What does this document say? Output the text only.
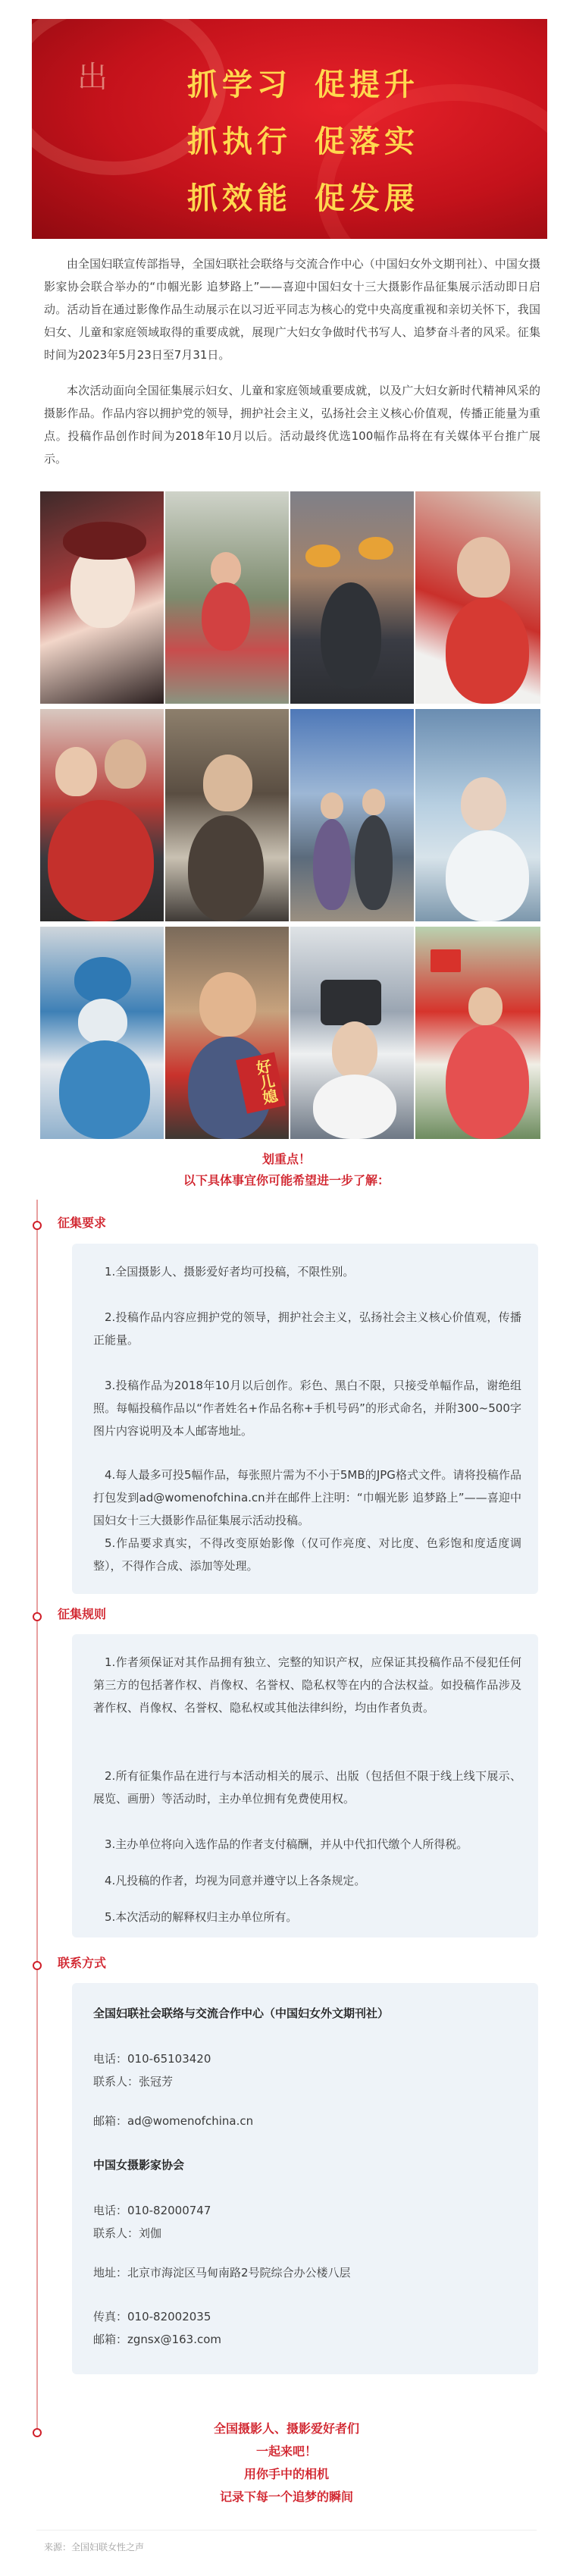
出	抓学习 促提升
抓执行 促落实
抓效能 促发展

由全国妇联宣传部指导，全国妇联社会联络与交流合作中心（中国妇女外文期刊社）、中国女摄影家协会联合举办的“巾帼光影 追梦路上”——喜迎中国妇女十三大摄影作品征集展示活动即日启动。活动旨在通过影像作品生动展示在以习近平同志为核心的党中央高度重视和亲切关怀下，我国妇女、儿童和家庭领域取得的重要成就，展现广大妇女争做时代书写人、追梦奋斗者的风采。征集时间为2023年5月23日至7月31日。

本次活动面向全国征集展示妇女、儿童和家庭领域重要成就，以及广大妇女新时代精神风采的摄影作品。作品内容以拥护党的领导，拥护社会主义，弘扬社会主义核心价值观，传播正能量为重点。投稿作品创作时间为2018年10月以后。活动最终优选100幅作品将在有关媒体平台推广展示。

好儿媳
划重点！
以下具体事宜你可能希望进一步了解：
征集要求
1.全国摄影人、摄影爱好者均可投稿，不限性别。
2.投稿作品内容应拥护党的领导，拥护社会主义，弘扬社会主义核心价值观，传播正能量。
3.投稿作品为2018年10月以后创作。彩色、黑白不限，只接受单幅作品，谢绝组照。每幅投稿作品以“作者姓名+作品名称+手机号码”的形式命名，并附300~500字图片内容说明及本人邮寄地址。
4.每人最多可投5幅作品，每张照片需为不小于5MB的JPG格式文件。请将投稿作品打包发到ad@womenofchina.cn并在邮件上注明：“巾帼光影 追梦路上”——喜迎中国妇女十三大摄影作品征集展示活动投稿。
5.作品要求真实，不得改变原始影像（仅可作亮度、对比度、色彩饱和度适度调整），不得作合成、添加等处理。
征集规则
1.作者须保证对其作品拥有独立、完整的知识产权，应保证其投稿作品不侵犯任何第三方的包括著作权、肖像权、名誉权、隐私权等在内的合法权益。如投稿作品涉及著作权、肖像权、名誉权、隐私权或其他法律纠纷，均由作者负责。
2.所有征集作品在进行与本活动相关的展示、出版（包括但不限于线上线下展示、展览、画册）等活动时，主办单位拥有免费使用权。
3.主办单位将向入选作品的作者支付稿酬，并从中代扣代缴个人所得税。
4.凡投稿的作者，均视为同意并遵守以上各条规定。
5.本次活动的解释权归主办单位所有。
联系方式
全国妇联社会联络与交流合作中心（中国妇女外文期刊社）
电话：010-65103420
联系人：张冠芳
邮箱：ad@womenofchina.cn
中国女摄影家协会
电话：010-82000747
联系人：刘伽
地址：北京市海淀区马甸南路2号院综合办公楼八层
传真：010-82002035
邮箱：zgnsx@163.com
全国摄影人、摄影爱好者们
一起来吧！
用你手中的相机
记录下每一个追梦的瞬间
来源：全国妇联女性之声
